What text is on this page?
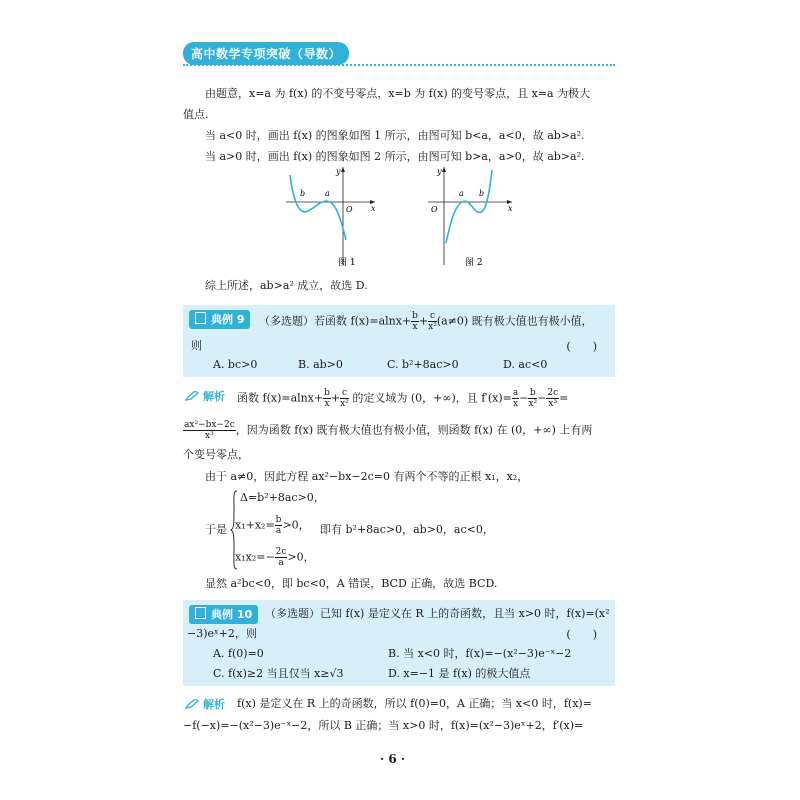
高中数学专项突破（导数）
由题意，x=a 为 f(x) 的不变号零点，x=b 为 f(x) 的变号零点，且 x=a 为极大
值点.
当 a<0 时，画出 f(x) 的图象如图 1 所示，由图可知 b<a，a<0，故 ab>a².
当 a>0 时，画出 f(x) 的图象如图 2 所示，由图可知 b>a，a>0，故 ab>a².
b a
O x
y
图 1
O
a b
x
y
图 2
综上所述，ab>a² 成立，故选 D.
典例 9	（多选题）若函数 $f(x)=alnx+ \frac{b}{x} + \frac{c}{\text{x²}} (a\ne 0)$ 既有极大值也有极小值，
则	(　　)
A. bc>0	B. ab>0	C. b²+8ac>0	D. ac<0
解析 函数 $f(x)=alnx+ \frac{b}{x} + \frac{c}{\text{x²}}$ 的定义域为 (0，+∞)，且 $f'(x)= \frac{a}{x} - \frac{b}{\text{x²}} - \frac{2c}{\text{x³}}$ =
$\frac{\text{ax²−bx−2c}}{\text{x³}}$ ，因为函数 f(x) 既有极大值也有极小值，则函数 f(x) 在 (0，+∞) 上有两
个变号零点，
由于 a≠0，因此方程 ax²−bx−2c=0 有两个不等的正根 x₁，x₂，
于是
Δ=b²+8ac>0，
$x_1+x_2= \frac{b}{a} >0$， 即有 b²+8ac>0，ab>0，ac<0，
$x_1x_2=- \frac{2c}{a} >0$，
显然 a²bc<0，即 bc<0，A 错误，BCD 正确，故选 BCD.
典例 10	（多选题）已知 f(x) 是定义在 R 上的奇函数，且当 x>0 时，f(x)=(x²
−3)eˣ+2，则	(　　)
A. f(0)=0	B. 当 x<0 时，f(x)=−(x²−3)e⁻ˣ−2
C. f(x)≥2 当且仅当 x≥√3	D. x=−1 是 f(x) 的极大值点
解析 f(x) 是定义在 R 上的奇函数，所以 f(0)=0，A 正确；当 x<0 时，f(x)=
−f(−x)=−(x²−3)e⁻ˣ−2，所以 B 正确；当 x>0 时，f(x)=(x²−3)eˣ+2，f′(x)=
· 6 ·
